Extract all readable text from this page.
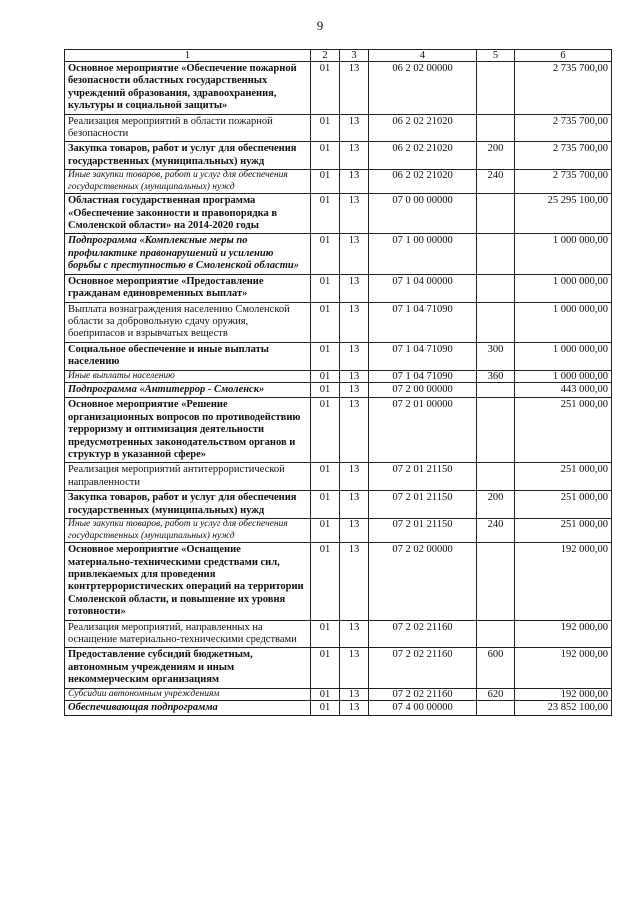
9
1	2	3	4	5	6
Основное мероприятие «Обеспечение пожарной безопасности областных государственных учреждений образования, здравоохранения, культуры и социальной защиты»	01	13	06 2 02 00000		2 735 700,00
Реализация мероприятий в области пожарной безопасности	01	13	06 2 02 21020		2 735 700,00
Закупка товаров, работ и услуг для обеспечения государственных (муниципальных) нужд	01	13	06 2 02 21020	200	2 735 700,00
Иные закупки товаров, работ и услуг для обеспечения государственных (муниципальных) нужд	01	13	06 2 02 21020	240	2 735 700,00
Областная государственная программа «Обеспечение законности и правопорядка в Смоленской области» на 2014-2020 годы	01	13	07 0 00 00000		25 295 100,00
Подпрограмма «Комплексные меры по профилактике правонарушений и усилению борьбы с преступностью в Смоленской области»	01	13	07 1 00 00000		1 000 000,00
Основное мероприятие «Предоставление гражданам единовременных выплат»	01	13	07 1 04 00000		1 000 000,00
Выплата вознаграждения населению Смоленской области за добровольную сдачу оружия, боеприпасов и взрывчатых веществ	01	13	07 1 04 71090		1 000 000,00
Социальное обеспечение и иные выплаты населению	01	13	07 1 04 71090	300	1 000 000,00
Иные выплаты населению	01	13	07 1 04 71090	360	1 000 000,00
Подпрограмма «Антитеррор - Смоленск»	01	13	07 2 00 00000		443 000,00
Основное мероприятие «Решение организационных вопросов по противодействию терроризму и оптимизация деятельности предусмотренных законодательством органов и структур в указанной сфере»	01	13	07 2 01 00000		251 000,00
Реализация мероприятий антитеррористической направленности	01	13	07 2 01 21150		251 000,00
Закупка товаров, работ и услуг для обеспечения государственных (муниципальных) нужд	01	13	07 2 01 21150	200	251 000,00
Иные закупки товаров, работ и услуг для обеспечения государственных (муниципальных) нужд	01	13	07 2 01 21150	240	251 000,00
Основное мероприятие «Оснащение материально-техническими средствами сил, привлекаемых для проведения контртеррористических операций на территории Смоленской области, и повышение их уровня готовности»	01	13	07 2 02 00000		192 000,00
Реализация мероприятий, направленных на оснащение материально-техническими средствами	01	13	07 2 02 21160		192 000,00
Предоставление субсидий бюджетным, автономным учреждениям и иным некоммерческим организациям	01	13	07 2 02 21160	600	192 000,00
Субсидии автономным учреждениям	01	13	07 2 02 21160	620	192 000,00
Обеспечивающая подпрограмма	01	13	07 4 00 00000		23 852 100,00
